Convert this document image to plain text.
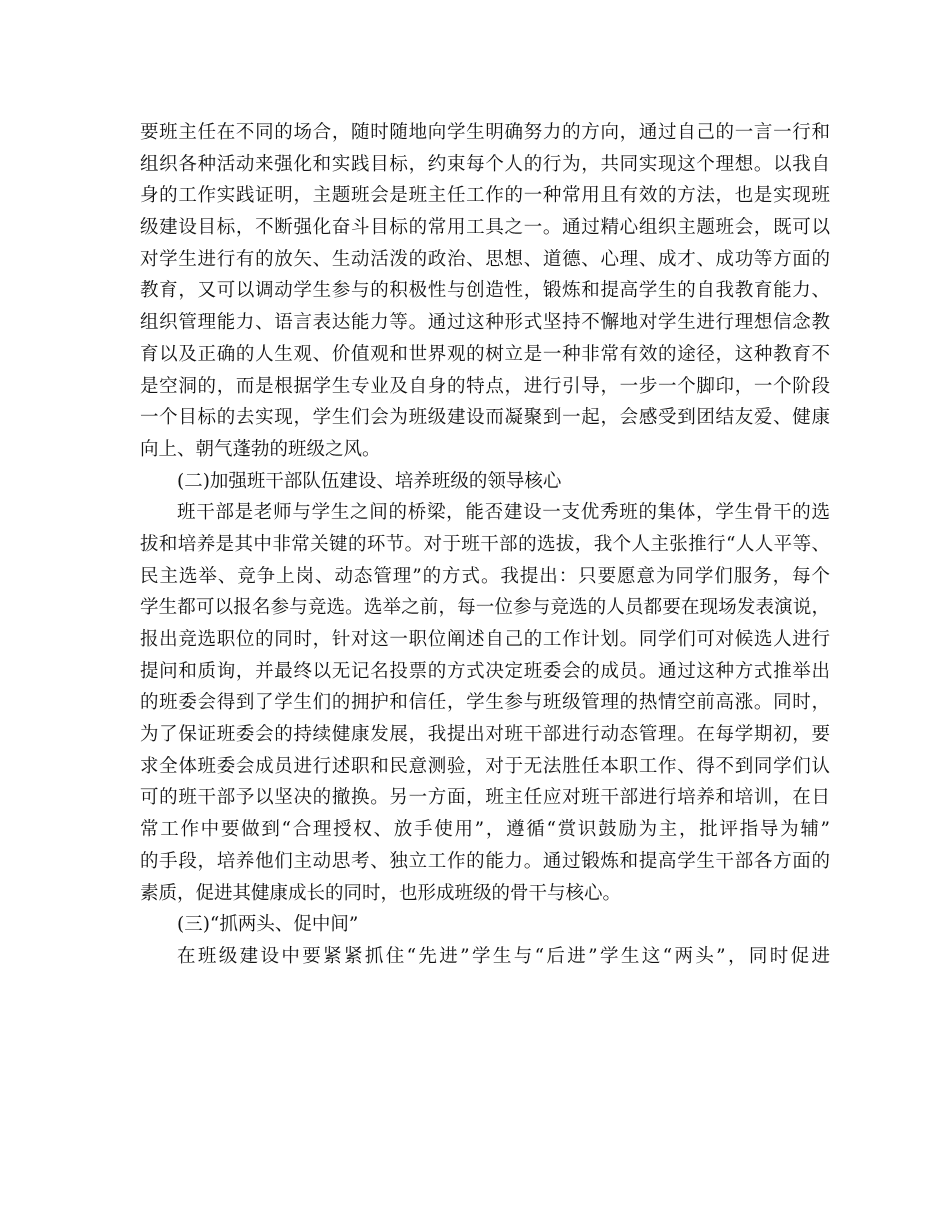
要班主任在不同的场合，随时随地向学生明确努力的方向，通过自己的一言一行和
组织各种活动来强化和实践目标，约束每个人的行为，共同实现这个理想。以我自
身的工作实践证明，主题班会是班主任工作的一种常用且有效的方法，也是实现班
级建设目标，不断强化奋斗目标的常用工具之一。通过精心组织主题班会，既可以
对学生进行有的放矢、生动活泼的政治、思想、道德、心理、成才、成功等方面的
教育，又可以调动学生参与的积极性与创造性，锻炼和提高学生的自我教育能力、
组织管理能力、语言表达能力等。通过这种形式坚持不懈地对学生进行理想信念教
育以及正确的人生观、价值观和世界观的树立是一种非常有效的途径，这种教育不
是空洞的，而是根据学生专业及自身的特点，进行引导，一步一个脚印，一个阶段
一个目标的去实现，学生们会为班级建设而凝聚到一起，会感受到团结友爱、健康
向上、朝气蓬勃的班级之风。
(二)加强班干部队伍建设、培养班级的领导核心
班干部是老师与学生之间的桥梁，能否建设一支优秀班的集体，学生骨干的选
拔和培养是其中非常关键的环节。对于班干部的选拔，我个人主张推行“人人平等、
民主选举、竞争上岗、动态管理”的方式。我提出：只要愿意为同学们服务，每个
学生都可以报名参与竞选。选举之前，每一位参与竞选的人员都要在现场发表演说，
报出竞选职位的同时，针对这一职位阐述自己的工作计划。同学们可对候选人进行
提问和质询，并最终以无记名投票的方式决定班委会的成员。通过这种方式推举出
的班委会得到了学生们的拥护和信任，学生参与班级管理的热情空前高涨。同时，
为了保证班委会的持续健康发展，我提出对班干部进行动态管理。在每学期初，要
求全体班委会成员进行述职和民意测验，对于无法胜任本职工作、得不到同学们认
可的班干部予以坚决的撤换。另一方面，班主任应对班干部进行培养和培训，在日
常工作中要做到“合理授权、放手使用”，遵循“赏识鼓励为主，批评指导为辅”
的手段，培养他们主动思考、独立工作的能力。通过锻炼和提高学生干部各方面的
素质，促进其健康成长的同时，也形成班级的骨干与核心。
(三)“抓两头、促中间”
在班级建设中要紧紧抓住“先进”学生与“后进”学生这“两头”，同时促进
